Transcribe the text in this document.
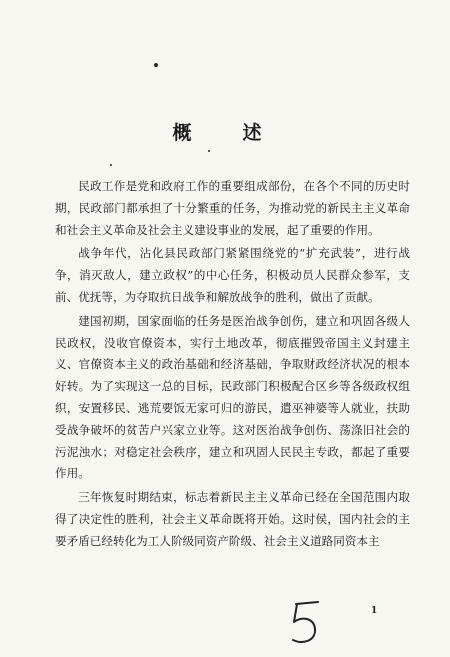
概　述

民政工作是党和政府工作的重要组成部份，在各个不同的历史时期，民政部门都承担了十分繁重的任务，为推动党的新民主主义革命和社会主义革命及社会主义建设事业的发展，起了重要的作用。

战争年代，沾化县民政部门紧紧围绕党的“扩充武装”，进行战争，消灭敌人，建立政权”的中心任务，积极动员人民群众参军，支前、优抚等，为夺取抗日战争和解放战争的胜利，做出了贡献。

建国初期，国家面临的任务是医治战争创伤，建立和巩固各级人民政权，没收官僚资本，实行土地改革，彻底摧毁帝国主义封建主义、官僚资本主义的政治基础和经济基础，争取财政经济状况的根本好转。为了实现这一总的目标，民政部门积极配合区乡等各级政权组织，安置移民、逃荒要饭无家可归的游民，遣巫神婆等人就业，扶助受战争破坏的贫苦户兴家立业等。这对医治战争创伤、荡涤旧社会的污泥浊水；对稳定社会秩序，建立和巩固人民民主专政，都起了重要作用。

三年恢复时期结束，标志着新民主主义革命已经在全国范围内取得了决定性的胜利，社会主义革命既将开始。这时侯，国内社会的主要矛盾已经转化为工人阶级同资产阶级、社会主义道路同资本主

1
